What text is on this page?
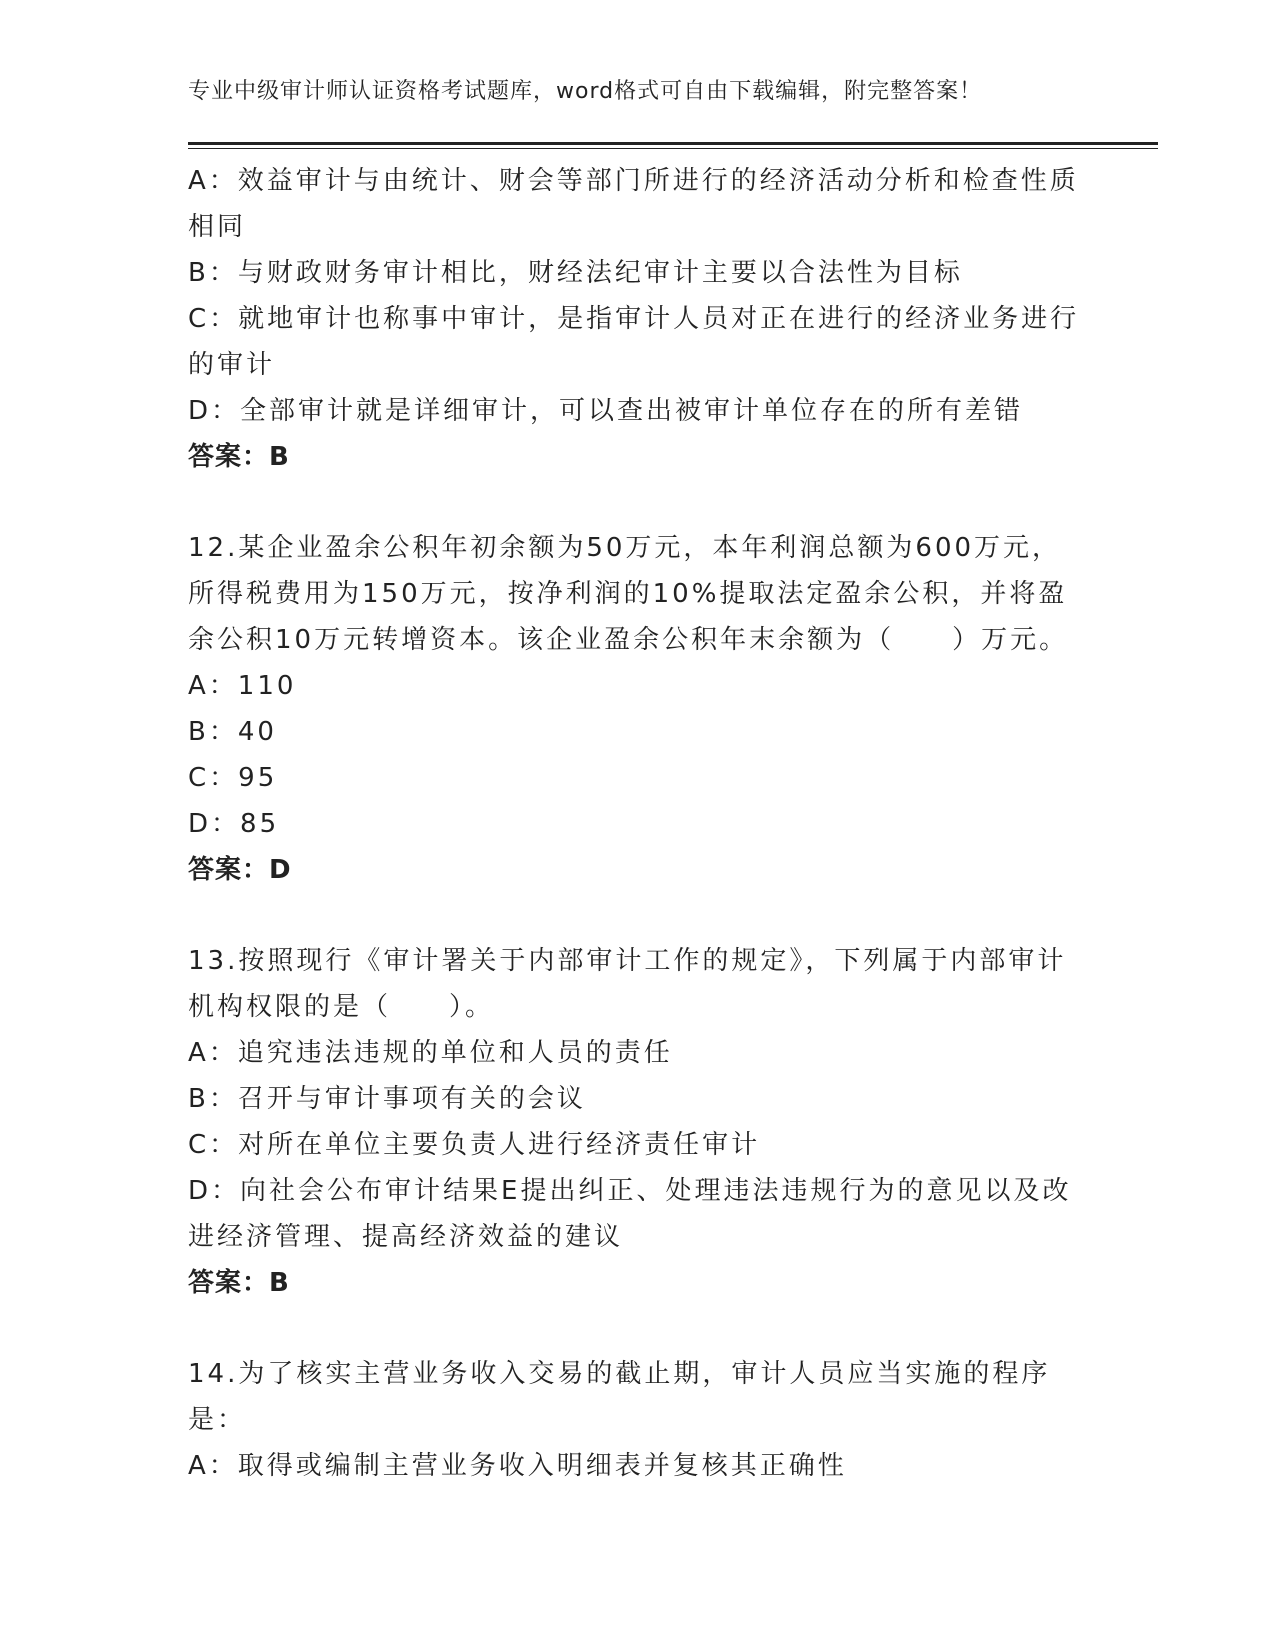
专业中级审计师认证资格考试题库，word格式可自由下载编辑，附完整答案！

A：效益审计与由统计、财会等部门所进行的经济活动分析和检查性质相同

B：与财政财务审计相比，财经法纪审计主要以合法性为目标

C：就地审计也称事中审计，是指审计人员对正在进行的经济业务进行的审计

D：全部审计就是详细审计，可以查出被审计单位存在的所有差错

答案：B

12.某企业盈余公积年初余额为50万元，本年利润总额为600万元，所得税费用为150万元，按净利润的10%提取法定盈余公积，并将盈余公积10万元转增资本。该企业盈余公积年末余额为（　　）万元。

A：110

B：40

C：95

D：85

答案：D

13.按照现行《审计署关于内部审计工作的规定》，下列属于内部审计机构权限的是（　　）。

A：追究违法违规的单位和人员的责任

B：召开与审计事项有关的会议

C：对所在单位主要负责人进行经济责任审计

D：向社会公布审计结果E提出纠正、处理违法违规行为的意见以及改进经济管理、提高经济效益的建议

答案：B

14.为了核实主营业务收入交易的截止期，审计人员应当实施的程序是：

A：取得或编制主营业务收入明细表并复核其正确性
